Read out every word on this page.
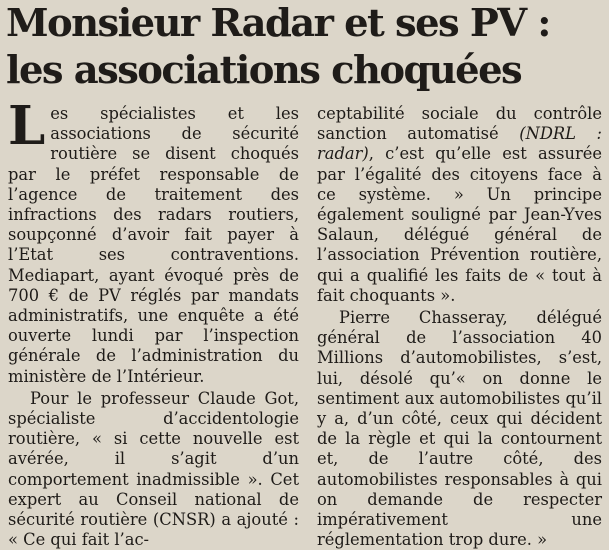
Monsieur Radar et ses PV :
les associations choquées

Les spécialistes et les associations de sécurité routière se disent choqués par le préfet responsable de l’agence de traitement des infractions des radars routiers, soupçonné d’avoir fait payer à l’Etat ses contraventions. Mediapart, ayant évoqué près de 700 € de PV réglés par mandats administratifs, une enquête a été ouverte lundi par l’inspection générale de l’administration du ministère de l’Intérieur.

Pour le professeur Claude Got, spécialiste d’accidentologie routière, « si cette nouvelle est avérée, il s’agit d’un comportement inadmissible ». Cet expert au Conseil national de sécurité routière (CNSR) a ajouté : « Ce qui fait l’ac-

ceptabilité sociale du contrôle sanction automatisé (NDRL : radar), c’est qu’elle est assurée par l’égalité des citoyens face à ce système. » Un principe également souligné par Jean-Yves Salaun, délégué général de l’association Prévention routière, qui a qualifié les faits de « tout à fait choquants ».

Pierre Chasseray, délégué général de l’association 40 Millions d’automobilistes, s’est, lui, désolé qu’« on donne le sentiment aux automobilistes qu’il y a, d’un côté, ceux qui décident de la règle et qui la contournent et, de l’autre côté, des automobilistes responsables à qui on demande de respecter impérativement une réglementation trop dure. »
